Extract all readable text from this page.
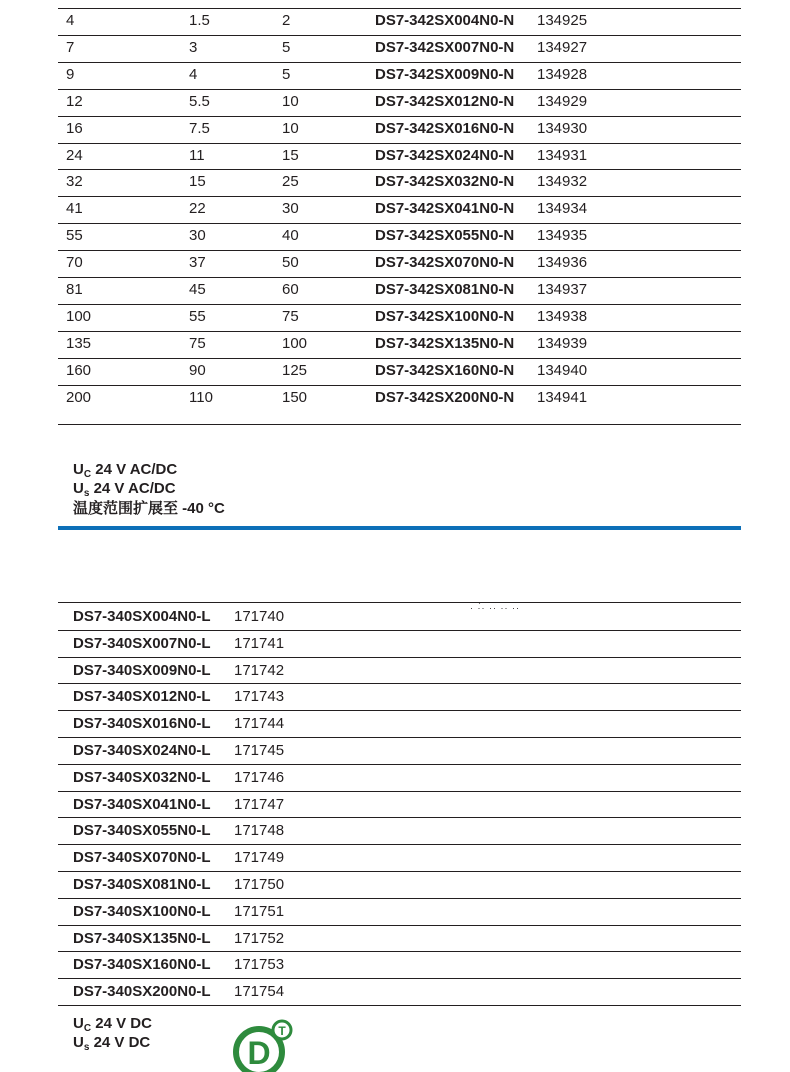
4	1.5	2	DS7-342SX004N0-N 134925
7	3	5	DS7-342SX007N0-N 134927
9	4	5	DS7-342SX009N0-N 134928
12	5.5	10	DS7-342SX012N0-N 134929
16	7.5	10	DS7-342SX016N0-N 134930
24	11	15	DS7-342SX024N0-N 134931
32	15	25	DS7-342SX032N0-N 134932
41	22	30	DS7-342SX041N0-N 134934
55	30	40	DS7-342SX055N0-N 134935
70	37	50	DS7-342SX070N0-N 134936
81	45	60	DS7-342SX081N0-N 134937
100	55	75	DS7-342SX100N0-N 134938
135	75	100	DS7-342SX135N0-N 134939
160	90	125	DS7-342SX160N0-N 134940
200	110	150	DS7-342SX200N0-N 134941
$U_C$ 24 V AC/DC
$U_s$ 24 V AC/DC
温度范围扩展至 -40 °C
· ·́· ·· ·· ··
DS7-340SX004N0-L 171740
DS7-340SX007N0-L 171741
DS7-340SX009N0-L 171742
DS7-340SX012N0-L 171743
DS7-340SX016N0-L 171744
DS7-340SX024N0-L 171745
DS7-340SX032N0-L 171746
DS7-340SX041N0-L 171747
DS7-340SX055N0-L 171748
DS7-340SX070N0-L 171749
DS7-340SX081N0-L 171750
DS7-340SX100N0-L 171751
DS7-340SX135N0-L 171752
DS7-340SX160N0-L 171753
DS7-340SX200N0-L 171754
$U_C$ 24 V DC
$U_s$ 24 V DC	D
T
